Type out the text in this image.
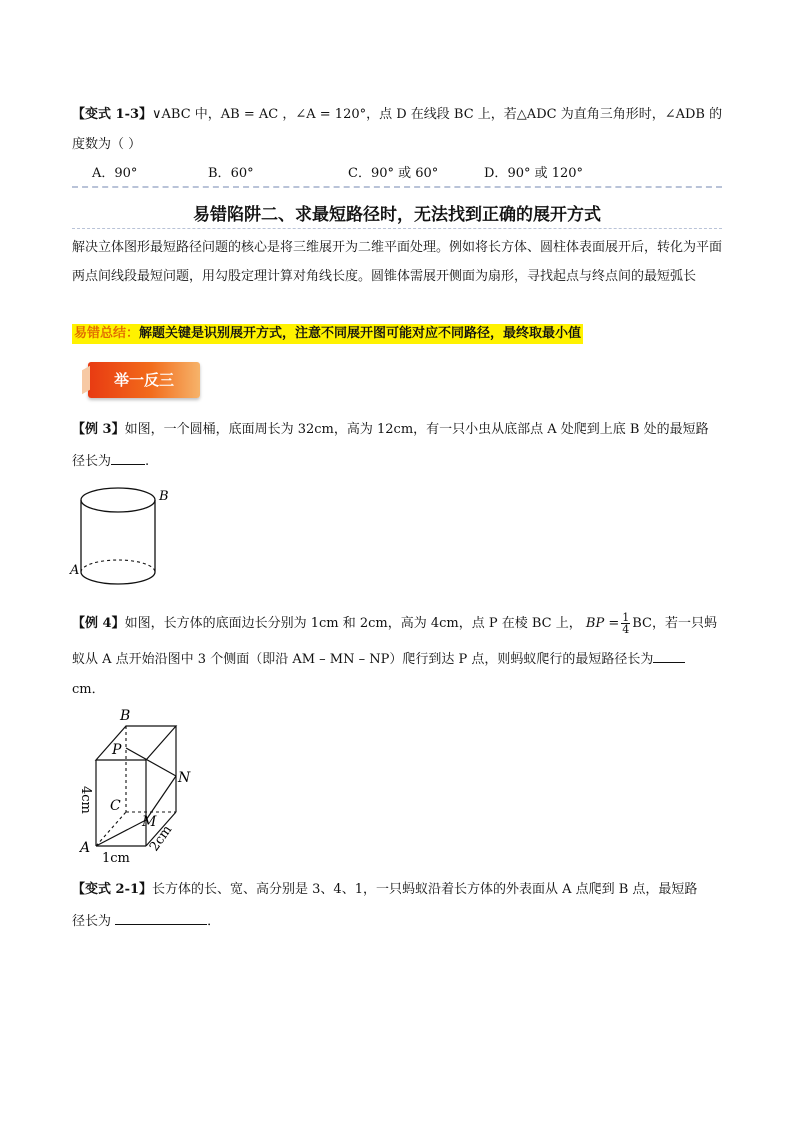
【变式 1-3】∨ABC 中，AB = AC ，∠A = 120°，点 D 在线段 BC 上，若△ADC 为直角三角形时，∠ADB 的
度数为（ ）
A．90°	B．60°	C．90° 或 60°	D．90° 或 120°
易错陷阱二、求最短路径时，无法找到正确的展开方式
解决立体图形最短路径问题的核心是将三维展开为二维平面处理。例如将长方体、圆柱体表面展开后，转化为平面两点间线段最短问题，用勾股定理计算对角线长度。圆锥体需展开侧面为扇形，寻找起点与终点间的最短弧长
易错总结：解题关键是识别展开方式，注意不同展开图可能对应不同路径，最终取最小值
举一反三
【例 3】如图，一个圆桶，底面周长为 32cm，高为 12cm，有一只小虫从底部点 A 处爬到上底 B 处的最短路
径长为	.
B
A
【例 4】如图，长方体的底面边长分别为 1cm 和 2cm，高为 4cm，点 P 在棱 BC 上， BP = $\frac{1}{4}$ BC，若一只蚂
蚁从 A 点开始沿图中 3 个侧面（即沿 AM – MN – NP）爬行到达 P 点，则蚂蚁爬行的最短路径长为
cm．
B
P
N
C
M
A
4cm
1cm
2cm
【变式 2-1】长方体的长、宽、高分别是 3、4、1，一只蚂蚁沿着长方体的外表面从 A 点爬到 B 点，最短路
径长为	．
